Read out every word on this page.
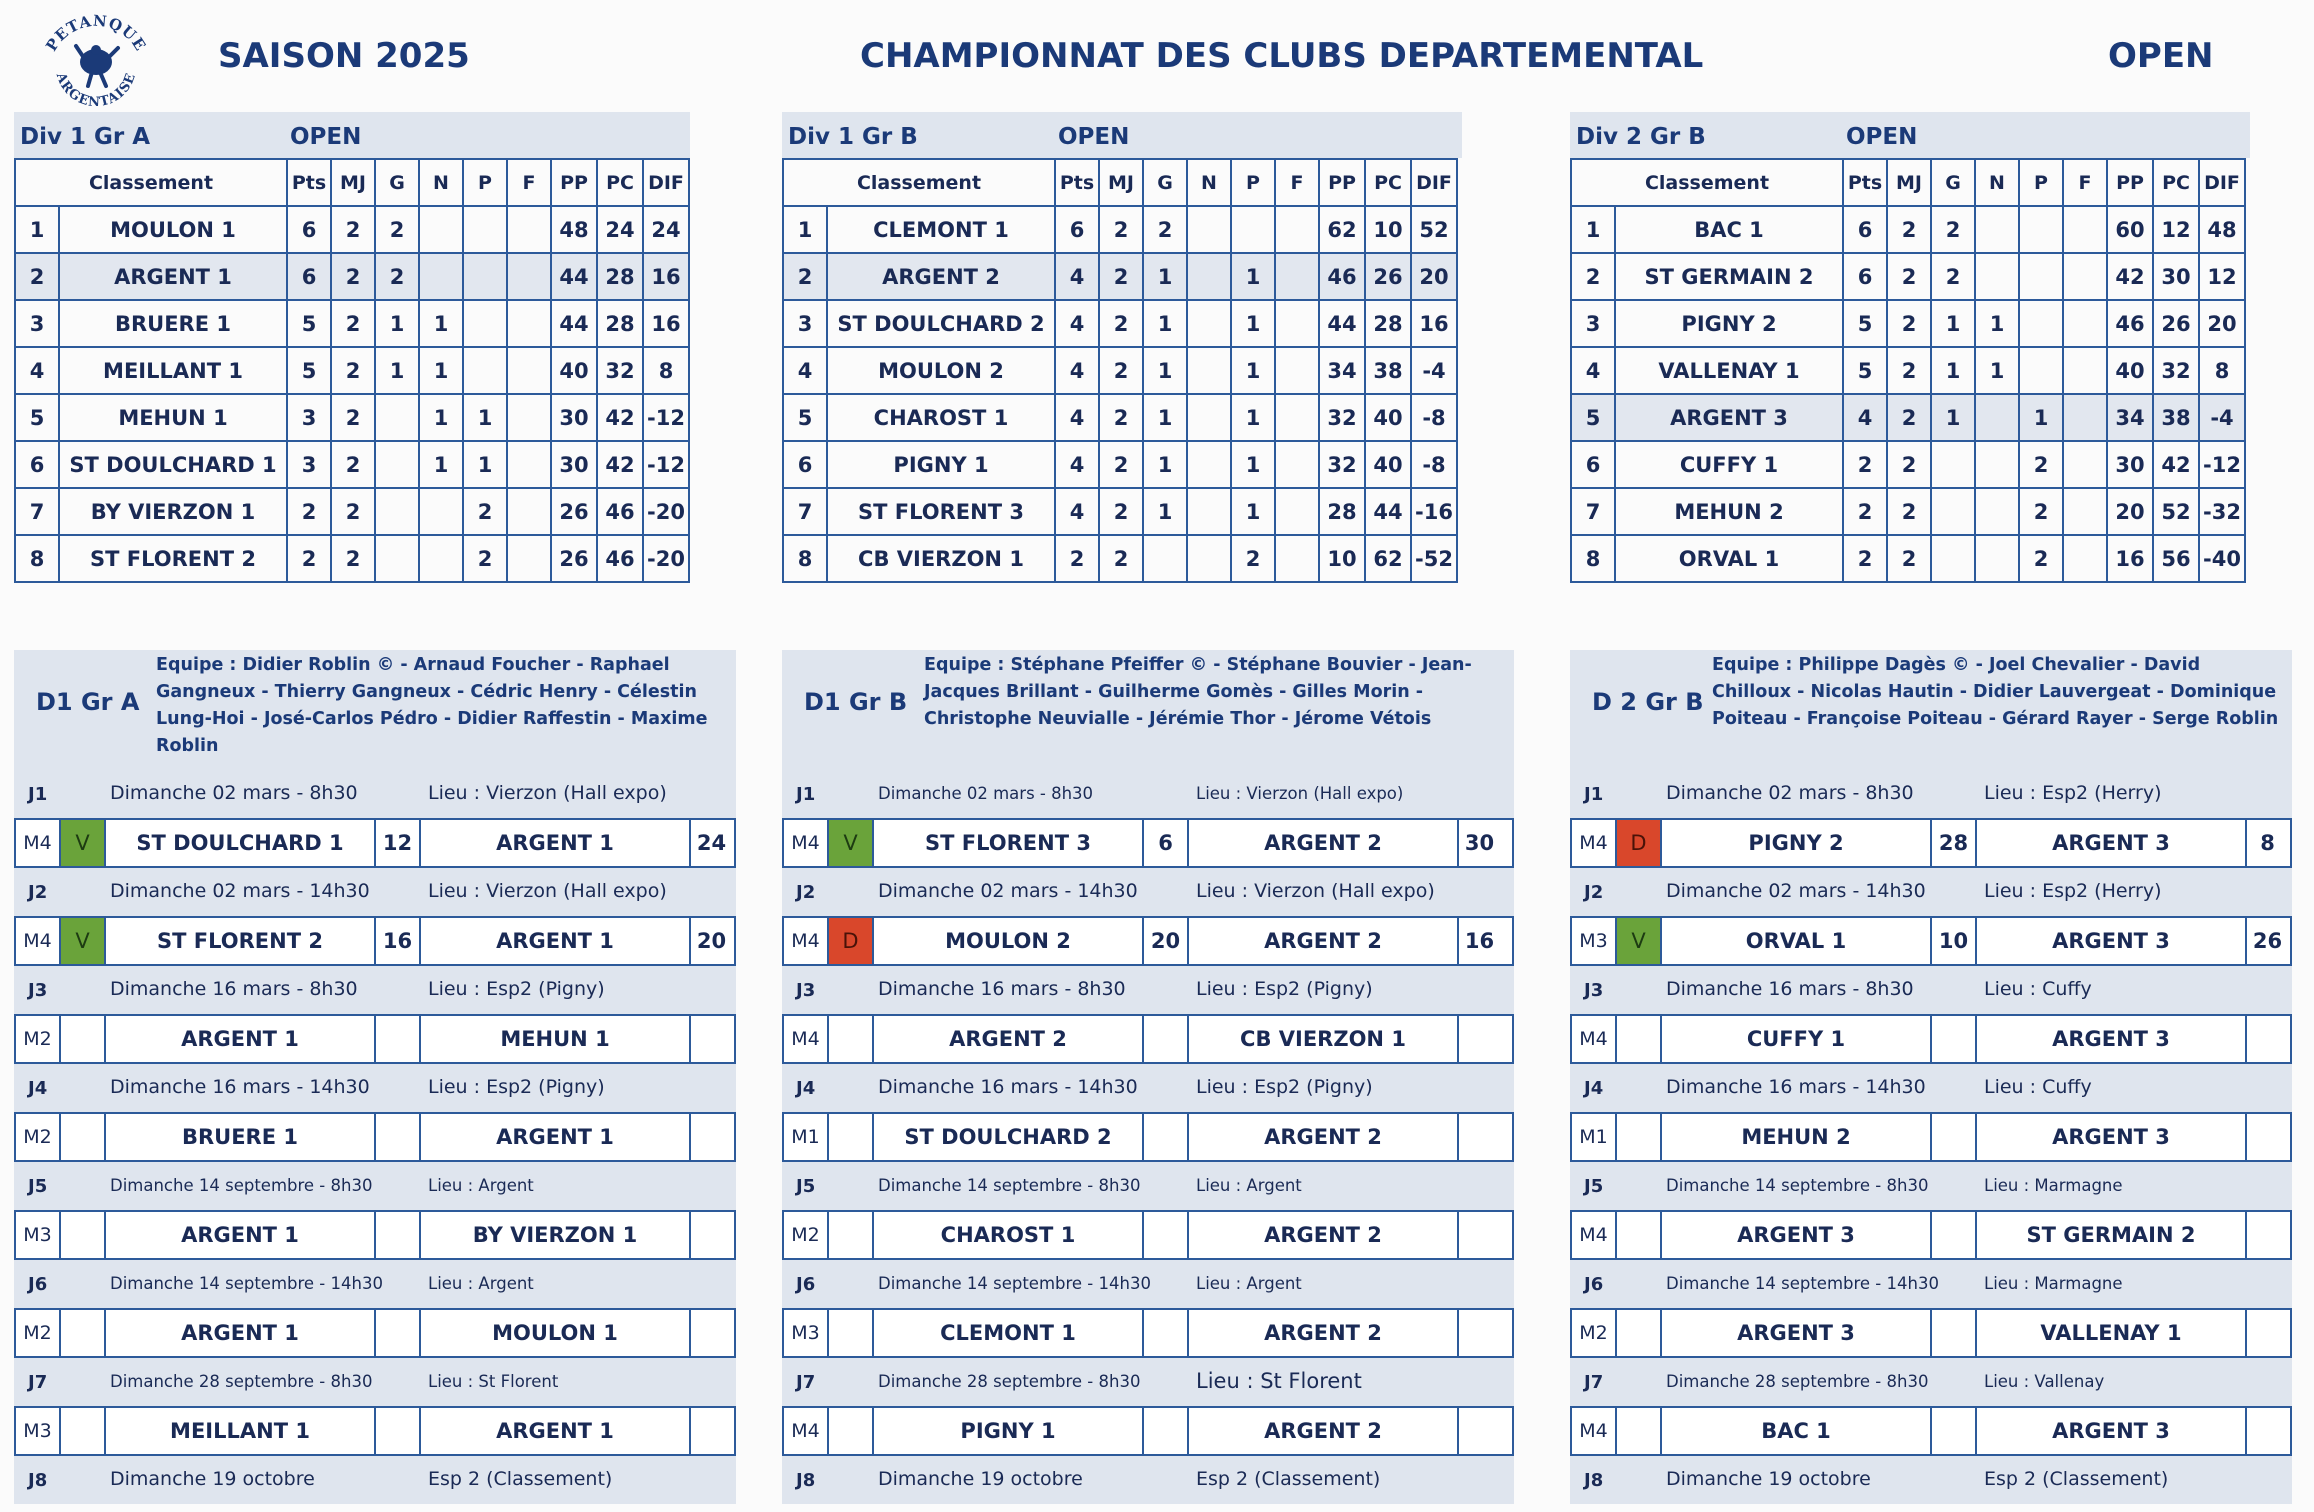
PETANQUE
ARGENTAISE
SAISON 2025	CHAMPIONNAT DES CLUBS DEPARTEMENTAL	OPEN
Div 1 Gr A	OPEN
Classement		Pts	MJ	G	N	P	F	PP	PC	DIF
1	MOULON 1	6	2	2				48	24	24
2	ARGENT 1	6	2	2				44	28	16
3	BRUERE 1	5	2	1	1			44	28	16
4	MEILLANT 1	5	2	1	1			40	32	8
5	MEHUN 1	3	2		1	1		30	42	-12
6	ST DOULCHARD 1	3	2		1	1		30	42	-12
7	BY VIERZON 1	2	2			2		26	46	-20
8	ST FLORENT 2	2	2			2		26	46	-20
Div 1 Gr B	OPEN
Classement		Pts	MJ	G	N	P	F	PP	PC	DIF
1	CLEMONT 1	6	2	2				62	10	52
2	ARGENT 2	4	2	1		1		46	26	20
3	ST DOULCHARD 2	4	2	1		1		44	28	16
4	MOULON 2	4	2	1		1		34	38	-4
5	CHAROST 1	4	2	1		1		32	40	-8
6	PIGNY 1	4	2	1		1		32	40	-8
7	ST FLORENT 3	4	2	1		1		28	44	-16
8	CB VIERZON 1	2	2			2		10	62	-52
Div 2 Gr B	OPEN
Classement		Pts	MJ	G	N	P	F	PP	PC	DIF
1	BAC 1	6	2	2				60	12	48
2	ST GERMAIN 2	6	2	2				42	30	12
3	PIGNY 2	5	2	1	1			46	26	20
4	VALLENAY 1	5	2	1	1			40	32	8
5	ARGENT 3	4	2	1		1		34	38	-4
6	CUFFY 1	2	2			2		30	42	-12
7	MEHUN 2	2	2			2		20	52	-32
8	ORVAL 1	2	2			2		16	56	-40
D1 Gr A
Equipe : Didier Roblin © - Arnaud Foucher - Raphael Gangneux - Thierry Gangneux - Cédric Henry - Célestin Lung-Hoi - José-Carlos Pédro - Didier Raffestin - Maxime Roblin
J1	Dimanche 02 mars - 8h30	Lieu : Vierzon (Hall expo)
M4	V	ST DOULCHARD 1	12	ARGENT 1	24
J2	Dimanche 02 mars - 14h30	Lieu : Vierzon (Hall expo)
M4	V	ST FLORENT 2	16	ARGENT 1	20
J3	Dimanche 16 mars - 8h30	Lieu : Esp2 (Pigny)
M2	ARGENT 1	MEHUN 1
J4	Dimanche 16 mars - 14h30	Lieu : Esp2 (Pigny)
M2	BRUERE 1	ARGENT 1
J5	Dimanche 14 septembre - 8h30	Lieu : Argent
M3	ARGENT 1	BY VIERZON 1
J6	Dimanche 14 septembre - 14h30	Lieu : Argent
M2	ARGENT 1	MOULON 1
J7	Dimanche 28 septembre - 8h30	Lieu : St Florent
M3	MEILLANT 1	ARGENT 1
J8	Dimanche 19 octobre	Esp 2 (Classement)
D1 Gr B
Equipe : Stéphane Pfeiffer © - Stéphane Bouvier - Jean-Jacques Brillant - Guilherme Gomès - Gilles Morin - Christophe Neuvialle - Jérémie Thor - Jérome Vétois
J1	Dimanche 02 mars - 8h30	Lieu : Vierzon (Hall expo)
M4	V	ST FLORENT 3	6	ARGENT 2	30
J2	Dimanche 02 mars - 14h30	Lieu : Vierzon (Hall expo)
M4	D	MOULON 2	20	ARGENT 2	16
J3	Dimanche 16 mars - 8h30	Lieu : Esp2 (Pigny)
M4	ARGENT 2	CB VIERZON 1
J4	Dimanche 16 mars - 14h30	Lieu : Esp2 (Pigny)
M1	ST DOULCHARD 2	ARGENT 2
J5	Dimanche 14 septembre - 8h30	Lieu : Argent
M2	CHAROST 1	ARGENT 2
J6	Dimanche 14 septembre - 14h30	Lieu : Argent
M3	CLEMONT 1	ARGENT 2
J7	Dimanche 28 septembre - 8h30	Lieu : St Florent
M4	PIGNY 1	ARGENT 2
J8	Dimanche 19 octobre	Esp 2 (Classement)
D 2 Gr B
Equipe : Philippe Dagès © - Joel Chevalier - David Chilloux - Nicolas Hautin - Didier Lauvergeat - Dominique Poiteau - Françoise Poiteau - Gérard Rayer - Serge Roblin
J1	Dimanche 02 mars - 8h30	Lieu : Esp2 (Herry)
M4	D	PIGNY 2	28	ARGENT 3	8
J2	Dimanche 02 mars - 14h30	Lieu : Esp2 (Herry)
M3	V	ORVAL 1	10	ARGENT 3	26
J3	Dimanche 16 mars - 8h30	Lieu : Cuffy
M4	CUFFY 1	ARGENT 3
J4	Dimanche 16 mars - 14h30	Lieu : Cuffy
M1	MEHUN 2	ARGENT 3
J5	Dimanche 14 septembre - 8h30	Lieu : Marmagne
M4	ARGENT 3	ST GERMAIN 2
J6	Dimanche 14 septembre - 14h30	Lieu : Marmagne
M2	ARGENT 3	VALLENAY 1
J7	Dimanche 28 septembre - 8h30	Lieu : Vallenay
M4	BAC 1	ARGENT 3
J8	Dimanche 19 octobre	Esp 2 (Classement)
